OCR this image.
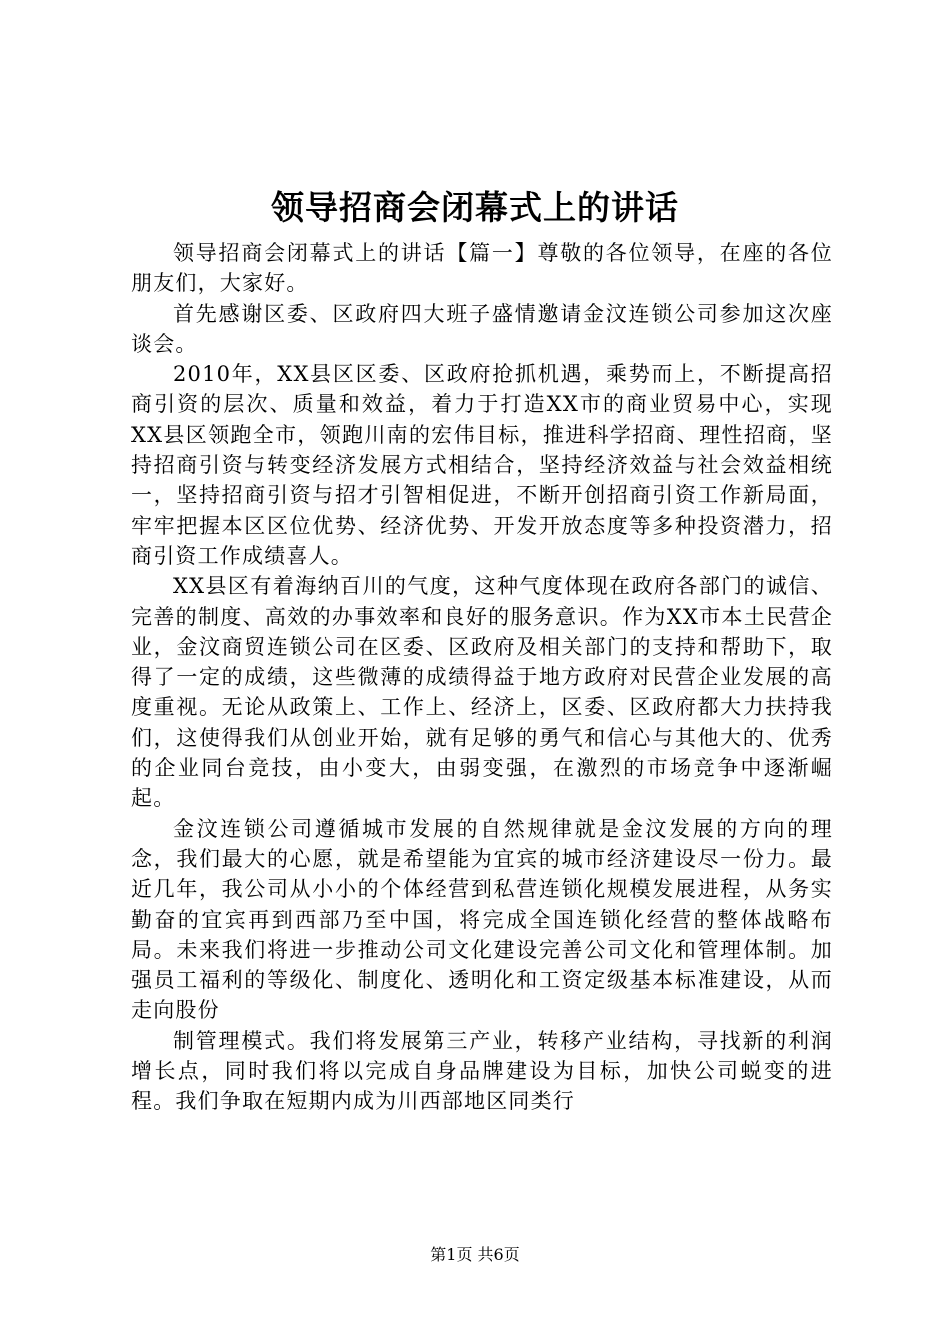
领导招商会闭幕式上的讲话

领导招商会闭幕式上的讲话【篇一】尊敬的各位领导，在座的各位朋友们，大家好。

首先感谢区委、区政府四大班子盛情邀请金汶连锁公司参加这次座谈会。

2010年，XX县区区委、区政府抢抓机遇，乘势而上，不断提高招商引资的层次、质量和效益，着力于打造XX市的商业贸易中心，实现XX县区领跑全市，领跑川南的宏伟目标，推进科学招商、理性招商，坚持招商引资与转变经济发展方式相结合，坚持经济效益与社会效益相统一，坚持招商引资与招才引智相促进，不断开创招商引资工作新局面，牢牢把握本区区位优势、经济优势、开发开放态度等多种投资潜力，招商引资工作成绩喜人。

XX县区有着海纳百川的气度，这种气度体现在政府各部门的诚信、完善的制度、高效的办事效率和良好的服务意识。作为XX市本土民营企业，金汶商贸连锁公司在区委、区政府及相关部门的支持和帮助下，取得了一定的成绩，这些微薄的成绩得益于地方政府对民营企业发展的高度重视。无论从政策上、工作上、经济上，区委、区政府都大力扶持我们，这使得我们从创业开始，就有足够的勇气和信心与其他大的、优秀的企业同台竞技，由小变大，由弱变强，在激烈的市场竞争中逐渐崛起。

金汶连锁公司遵循城市发展的自然规律就是金汶发展的方向的理念，我们最大的心愿，就是希望能为宜宾的城市经济建设尽一份力。最近几年，我公司从小小的个体经营到私营连锁化规模发展进程，从务实勤奋的宜宾再到西部乃至中国，将完成全国连锁化经营的整体战略布局。未来我们将进一步推动公司文化建设完善公司文化和管理体制。加强员工福利的等级化、制度化、透明化和工资定级基本标准建设，从而走向股份

制管理模式。我们将发展第三产业，转移产业结构，寻找新的利润增长点，同时我们将以完成自身品牌建设为目标，加快公司蜕变的进程。我们争取在短期内成为川西部地区同类行

第1页 共6页
